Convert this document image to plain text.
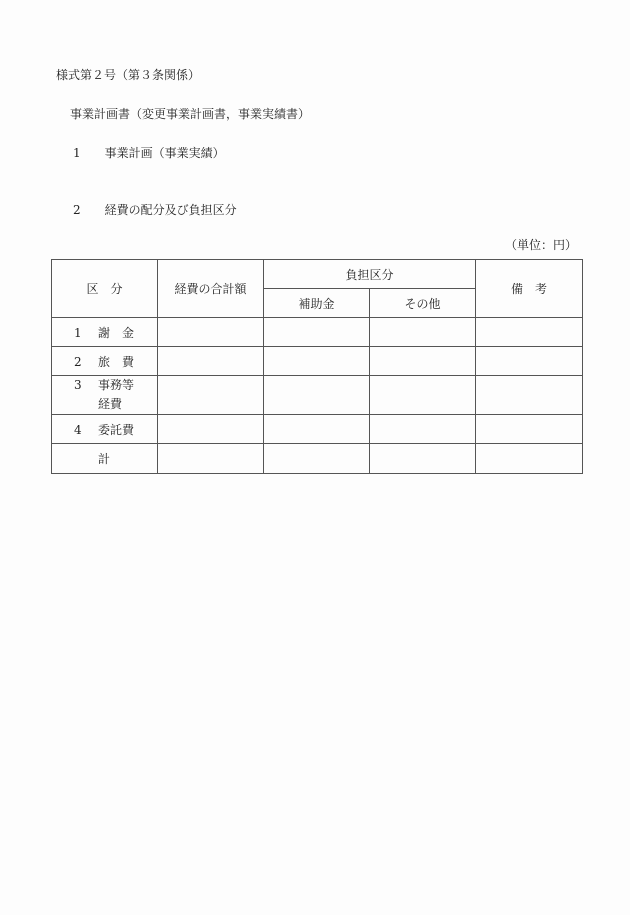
様式第２号（第３条関係）
事業計画書（変更事業計画書，事業実績書）
1　　 事業計画（事業実績）
2　　 経費の配分及び負担区分
（単位：円）
区　分	経費の合計額	負担区分		備　考
		補助金	その他	
1 謝　金				
2 旅　費				
3 事務等
経費				
4 委託費				
計				
